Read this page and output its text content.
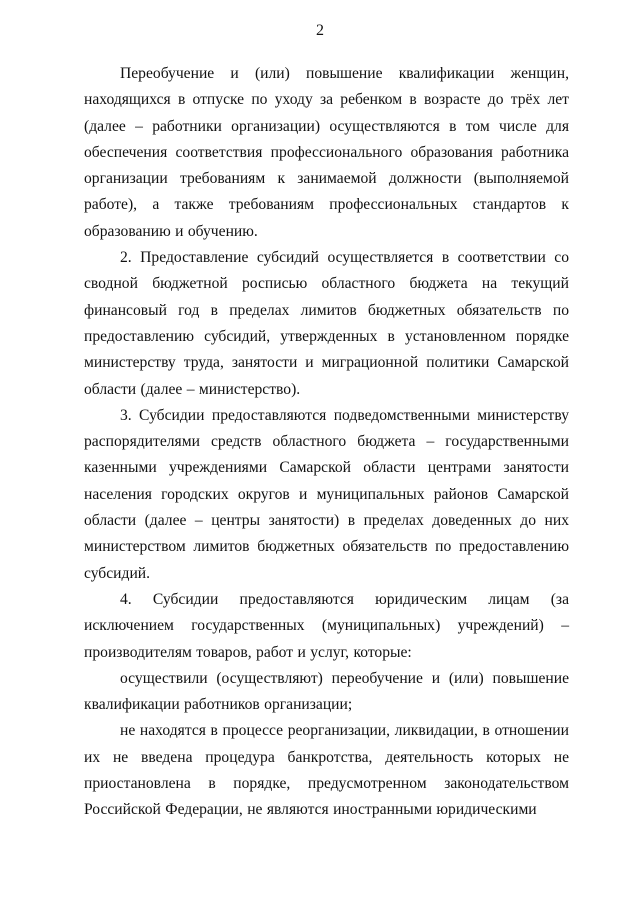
2

Переобучение и (или) повышение квалификации женщин, находящихся в отпуске по уходу за ребенком в возрасте до трёх лет (далее – работники организации) осуществляются в том числе для обеспечения соответствия профессионального образования работника организации требованиям к занимаемой должности (выполняемой работе), а также требованиям профессиональных стандартов к образованию и обучению.

2. Предоставление субсидий осуществляется в соответствии со сводной бюджетной росписью областного бюджета на текущий финансовый год в пределах лимитов бюджетных обязательств по предоставлению субсидий, утвержденных в установленном порядке министерству труда, занятости и миграционной политики Самарской области (далее – министерство).

3. Субсидии предоставляются подведомственными министерству распорядителями средств областного бюджета – государственными казенными учреждениями Самарской области центрами занятости населения городских округов и муниципальных районов Самарской области (далее – центры занятости) в пределах доведенных до них министерством лимитов бюджетных обязательств по предоставлению субсидий.

4. Субсидии предоставляются юридическим лицам (за исключением государственных (муниципальных) учреждений) – производителям товаров, работ и услуг, которые:

осуществили (осуществляют) переобучение и (или) повышение квалификации работников организации;

не находятся в процессе реорганизации, ликвидации, в отношении их не введена процедура банкротства, деятельность которых не приостановлена в порядке, предусмотренном законодательством Российской Федерации, не являются иностранными юридическими
